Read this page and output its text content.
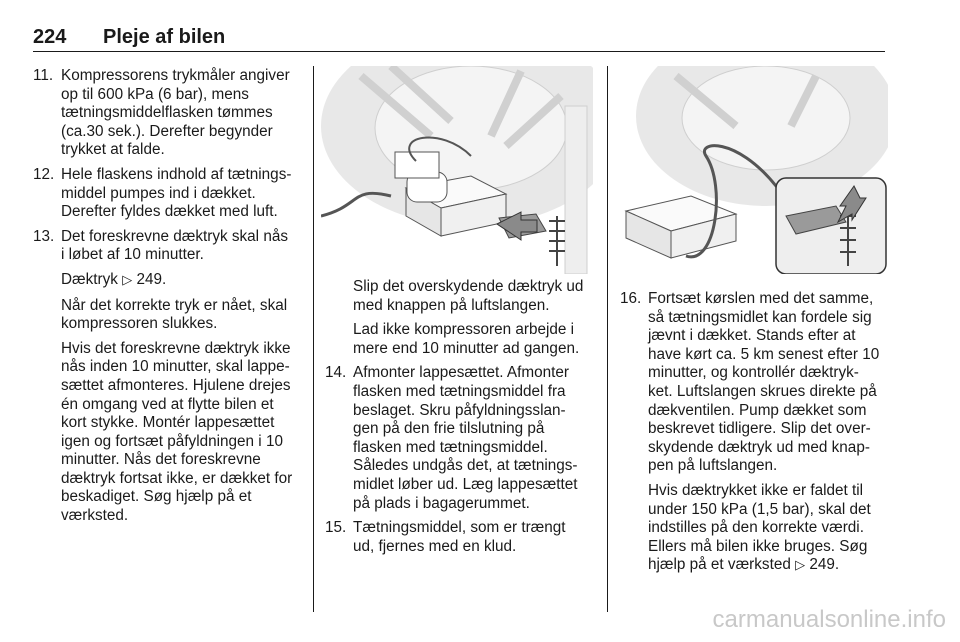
224 Pleje af bilen
11. Kompressorens trykmåler angiver
op til 600 kPa (6 bar), mens
tætningsmiddelflasken tømmes
(ca.30 sek.). Derefter begynder
trykket at falde.
12. Hele flaskens indhold af tætnings-
middel pumpes ind i dækket.
Derefter fyldes dækket med luft.
13. Det foreskrevne dæktryk skal nås
i løbet af 10 minutter.
Dæktryk ▷ 249.
Når det korrekte tryk er nået, skal
kompressoren slukkes.
Hvis det foreskrevne dæktryk ikke
nås inden 10 minutter, skal lappe-
sættet afmonteres. Hjulene drejes
én omgang ved at flytte bilen et
kort stykke. Montér lappesættet
igen og fortsæt påfyldningen i 10
minutter. Nås det foreskrevne
dæktryk fortsat ikke, er dækket for
beskadiget. Søg hjælp på et
værksted.
Slip det overskydende dæktryk ud
med knappen på luftslangen.
Lad ikke kompressoren arbejde i
mere end 10 minutter ad gangen.
14. Afmonter lappesættet. Afmonter
flasken med tætningsmiddel fra
beslaget. Skru påfyldningsslan-
gen på den frie tilslutning på
flasken med tætningsmiddel.
Således undgås det, at tætnings-
midlet løber ud. Læg lappesættet
på plads i bagagerummet.
15. Tætningsmiddel, som er trængt
ud, fjernes med en klud.
16. Fortsæt kørslen med det samme,
så tætningsmidlet kan fordele sig
jævnt i dækket. Stands efter at
have kørt ca. 5 km senest efter 10
minutter, og kontrollér dæktryk-
ket. Luftslangen skrues direkte på
dækventilen. Pump dækket som
beskrevet tidligere. Slip det over-
skydende dæktryk ud med knap-
pen på luftslangen.
Hvis dæktrykket ikke er faldet til
under 150 kPa (1,5 bar), skal det
indstilles på den korrekte værdi.
Ellers må bilen ikke bruges. Søg
hjælp på et værksted ▷ 249.
carmanualsonline.info
